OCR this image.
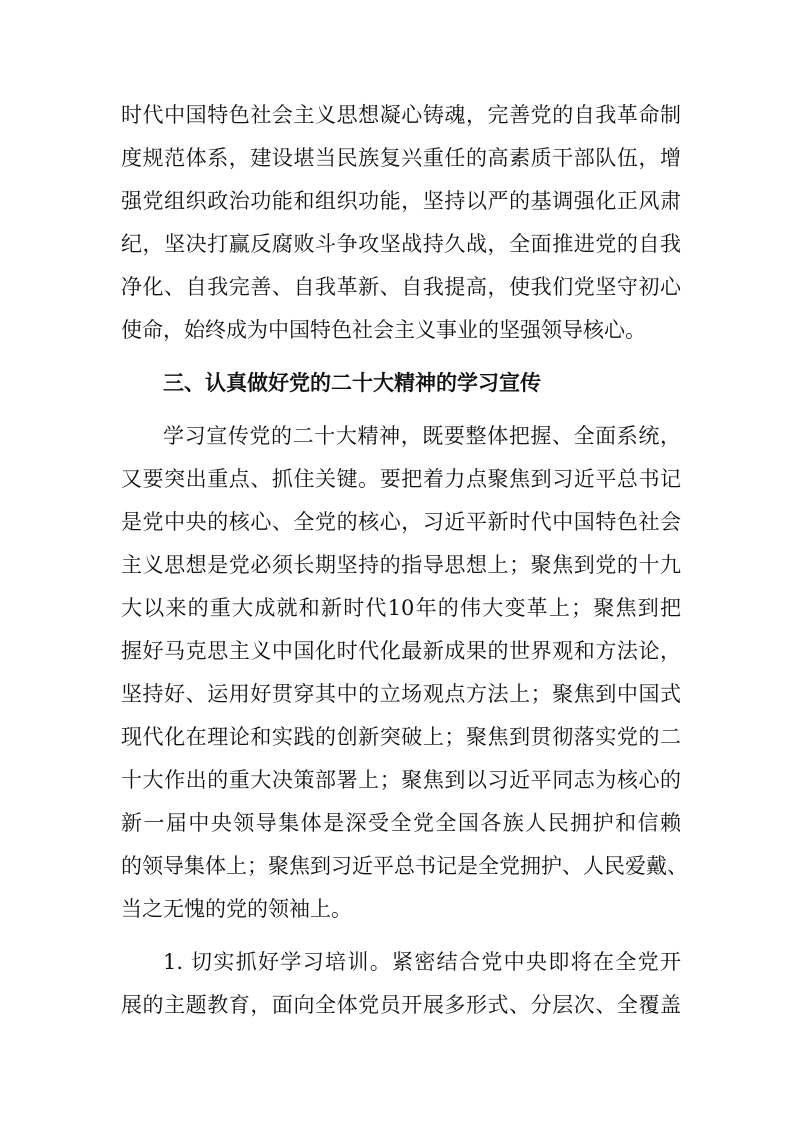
时代中国特色社会主义思想凝心铸魂，完善党的自我革命制
度规范体系，建设堪当民族复兴重任的高素质干部队伍，增
强党组织政治功能和组织功能，坚持以严的基调强化正风肃
纪，坚决打赢反腐败斗争攻坚战持久战，全面推进党的自我
净化、自我完善、自我革新、自我提高，使我们党坚守初心
使命，始终成为中国特色社会主义事业的坚强领导核心。
三、认真做好党的二十大精神的学习宣传
学习宣传党的二十大精神，既要整体把握、全面系统，
又要突出重点、抓住关键。要把着力点聚焦到习近平总书记
是党中央的核心、全党的核心，习近平新时代中国特色社会
主义思想是党必须长期坚持的指导思想上；聚焦到党的十九
大以来的重大成就和新时代10年的伟大变革上；聚焦到把
握好马克思主义中国化时代化最新成果的世界观和方法论，
坚持好、运用好贯穿其中的立场观点方法上；聚焦到中国式
现代化在理论和实践的创新突破上；聚焦到贯彻落实党的二
十大作出的重大决策部署上；聚焦到以习近平同志为核心的
新一届中央领导集体是深受全党全国各族人民拥护和信赖
的领导集体上；聚焦到习近平总书记是全党拥护、人民爱戴、
当之无愧的党的领袖上。
1. 切实抓好学习培训。紧密结合党中央即将在全党开
展的主题教育，面向全体党员开展多形式、分层次、全覆盖
